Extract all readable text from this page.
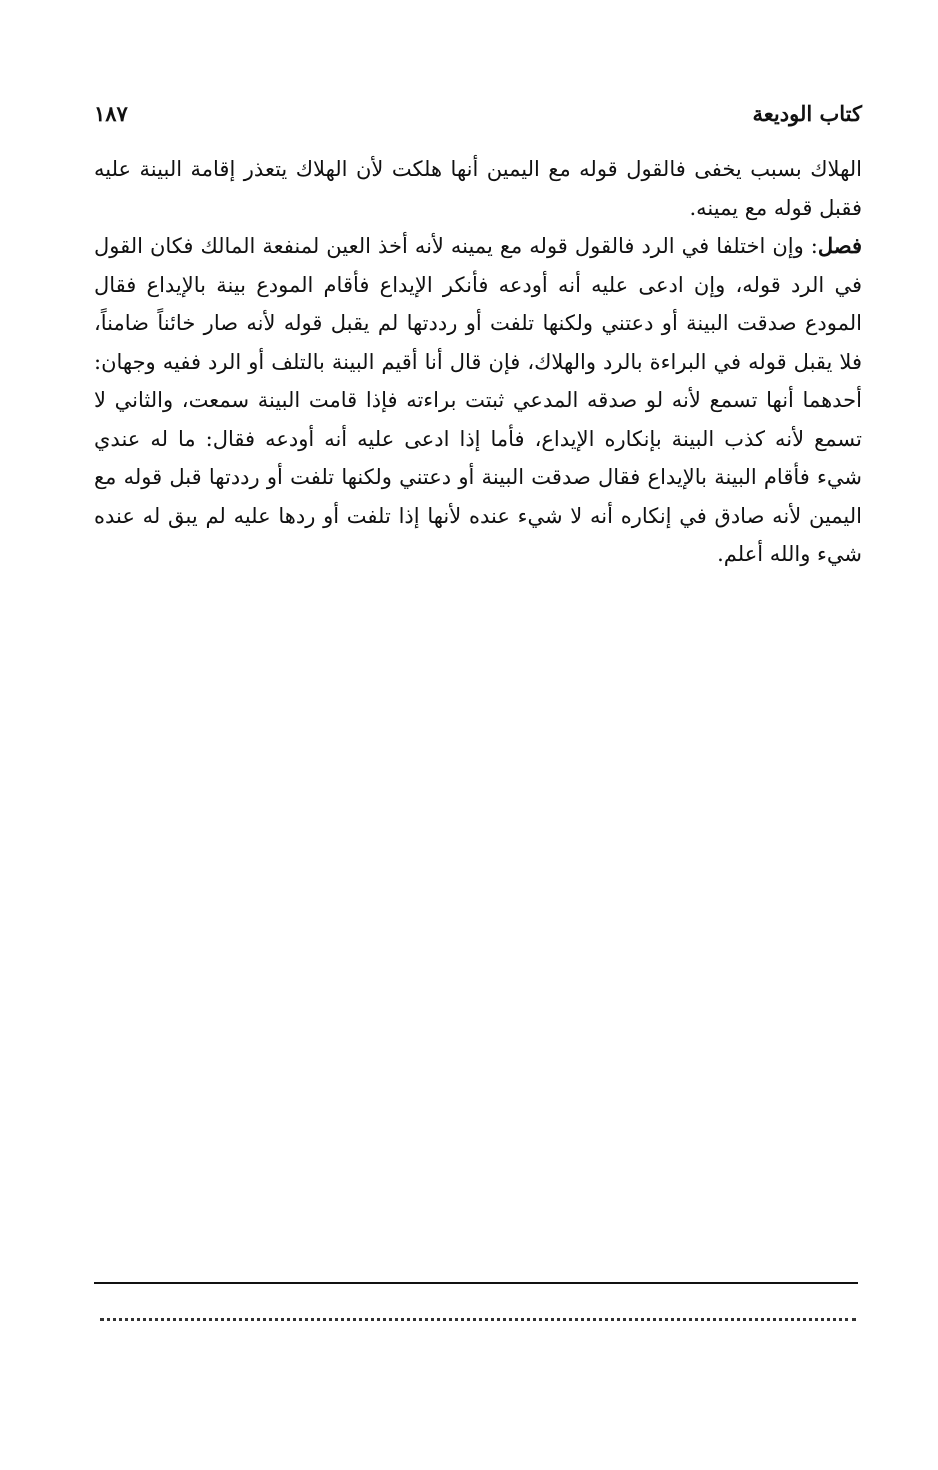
كتاب الوديعة
١٨٧

الهلاك بسبب يخفى فالقول قوله مع اليمين أنها هلكت لأن الهلاك يتعذر إقامة البينة عليه فقبل قوله مع يمينه.

فصل: وإن اختلفا في الرد فالقول قوله مع يمينه لأنه أخذ العين لمنفعة المالك فكان القول في الرد قوله، وإن ادعى عليه أنه أودعه فأنكر الإيداع فأقام المودع بينة بالإيداع فقال المودع صدقت البينة أو دعتني ولكنها تلفت أو رددتها لم يقبل قوله لأنه صار خائناً ضامناً، فلا يقبل قوله في البراءة بالرد والهلاك، فإن قال أنا أقيم البينة بالتلف أو الرد ففيه وجهان: أحدهما أنها تسمع لأنه لو صدقه المدعي ثبتت براءته فإذا قامت البينة سمعت، والثاني لا تسمع لأنه كذب البينة بإنكاره الإيداع، فأما إذا ادعى عليه أنه أودعه فقال: ما له عندي شيء فأقام البينة بالإيداع فقال صدقت البينة أو دعتني ولكنها تلفت أو رددتها قبل قوله مع اليمين لأنه صادق في إنكاره أنه لا شيء عنده لأنها إذا تلفت أو ردها عليه لم يبق له عنده شيء والله أعلم.
